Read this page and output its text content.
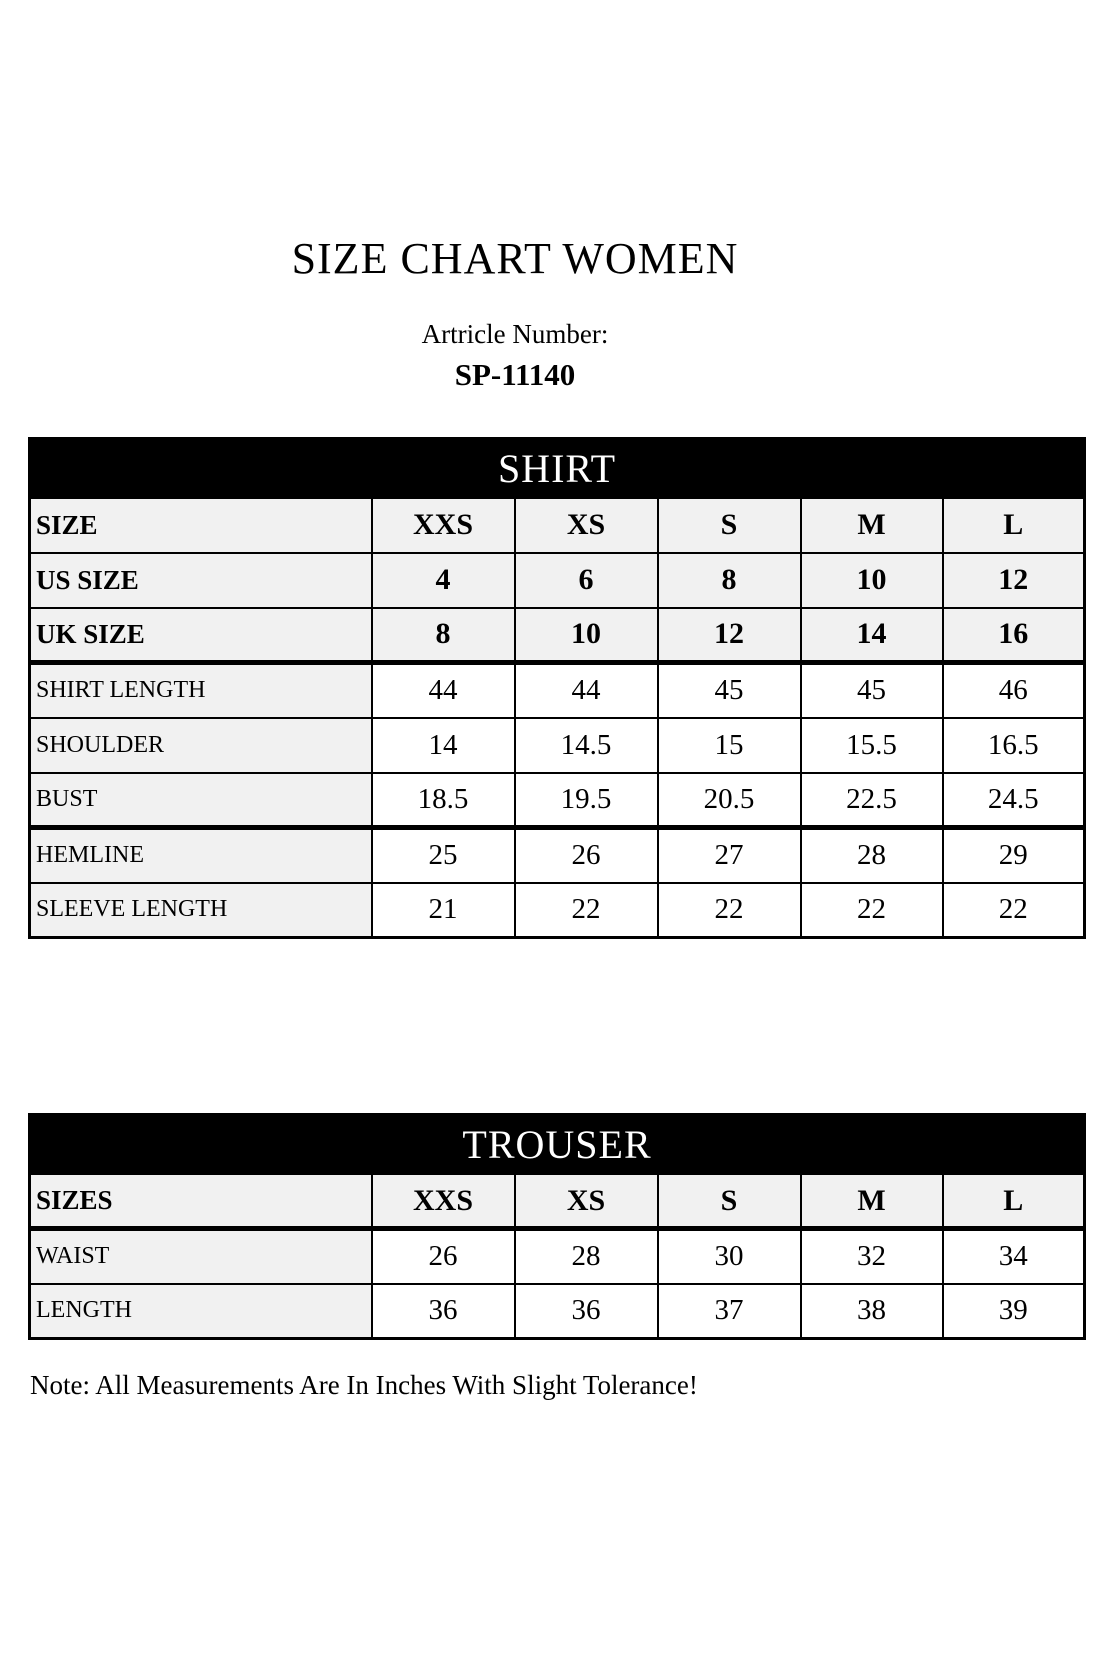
SIZE CHART WOMEN
Artricle Number:
SP-11140
SHIRT					
SIZE	XXS	XS	S	M	L
US SIZE	4	6	8	10	12
UK SIZE	8	10	12	14	16
SHIRT LENGTH	44	44	45	45	46
SHOULDER	14	14.5	15	15.5	16.5
BUST	18.5	19.5	20.5	22.5	24.5
HEMLINE	25	26	27	28	29
SLEEVE LENGTH	21	22	22	22	22
TROUSER					
SIZES	XXS	XS	S	M	L
WAIST	26	28	30	32	34
LENGTH	36	36	37	38	39
Note: All Measurements Are In Inches With Slight Tolerance!
